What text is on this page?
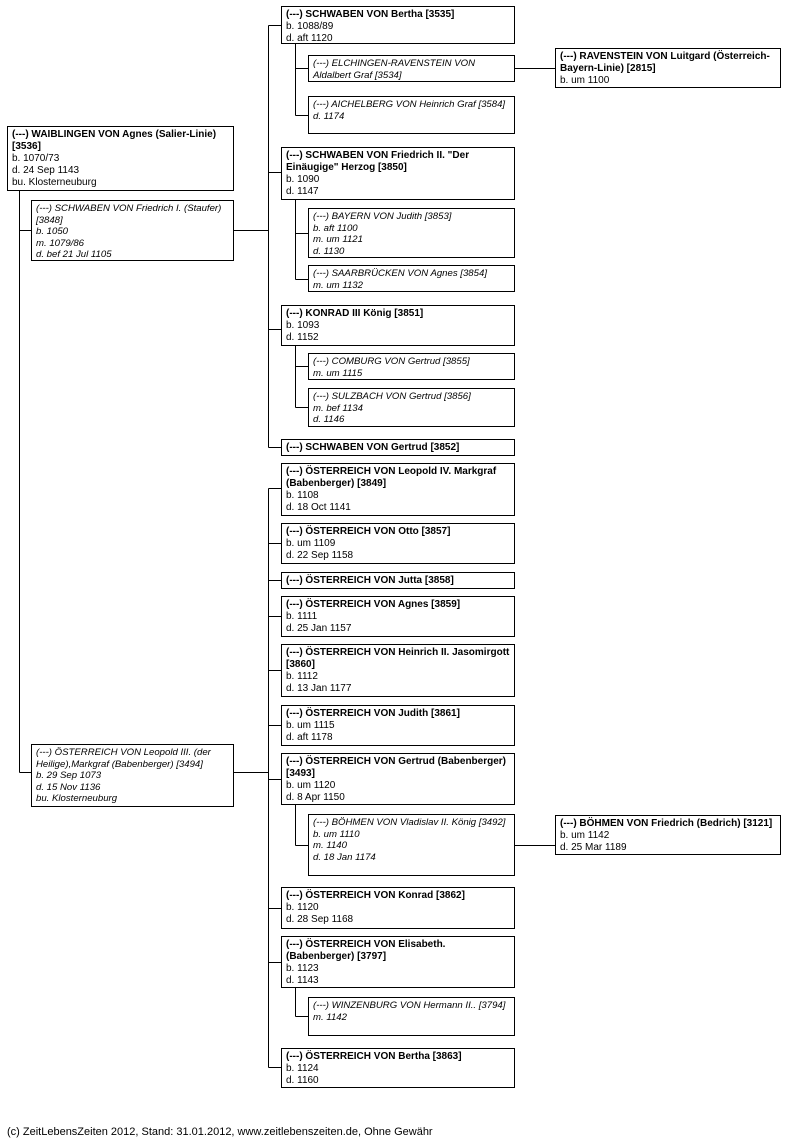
(---) WAIBLINGEN VON Agnes (Salier-Linie) [3536]
b. 1070/73
d. 24 Sep 1143
bu. Klosterneuburg
(---) SCHWABEN VON Friedrich I. (Staufer) [3848]
b. 1050
m. 1079/86
d. bef 21 Jul 1105
(---) ÖSTERREICH VON Leopold III. (der Heilige),Markgraf (Babenberger) [3494]
b. 29 Sep 1073
d. 15 Nov 1136
bu. Klosterneuburg
(---) SCHWABEN VON Bertha [3535]
b. 1088/89
d. aft 1120
(---) ELCHINGEN-RAVENSTEIN VON Aldalbert Graf [3534]
(---) RAVENSTEIN VON Luitgard (Österreich-Bayern-Linie) [2815]
b. um 1100
(---) AICHELBERG VON Heinrich Graf [3584]
d. 1174
(---) SCHWABEN VON Friedrich II. "Der Einäugige" Herzog [3850]
b. 1090
d. 1147
(---) BAYERN VON Judith [3853]
b. aft 1100
m. um 1121
d. 1130
(---) SAARBRÜCKEN VON Agnes [3854]
m. um 1132
(---) KONRAD III König [3851]
b. 1093
d. 1152
(---) COMBURG VON Gertrud [3855]
m. um 1115
(---) SULZBACH VON Gertrud [3856]
m. bef 1134
d. 1146
(---) SCHWABEN VON Gertrud [3852]
(---) ÖSTERREICH VON Leopold IV. Markgraf (Babenberger) [3849]
b. 1108
d. 18 Oct 1141
(---) ÖSTERREICH VON Otto [3857]
b. um 1109
d. 22 Sep 1158
(---) ÖSTERREICH VON Jutta [3858]
(---) ÖSTERREICH VON Agnes [3859]
b. 1111
d. 25 Jan 1157
(---) ÖSTERREICH VON Heinrich II. Jasomirgott [3860]
b. 1112
d. 13 Jan 1177
(---) ÖSTERREICH VON Judith [3861]
b. um 1115
d. aft 1178
(---) ÖSTERREICH VON Gertrud (Babenberger) [3493]
b. um 1120
d. 8 Apr 1150
(---) BÖHMEN VON Vladislav II. König [3492]
b. um 1110
m. 1140
d. 18 Jan 1174
(---) BÖHMEN VON Friedrich (Bedrich) [3121]
b. um 1142
d. 25 Mar 1189
(---) ÖSTERREICH VON Konrad [3862]
b. 1120
d. 28 Sep 1168
(---) ÖSTERREICH VON Elisabeth. (Babenberger) [3797]
b. 1123
d. 1143
(---) WINZENBURG VON Hermann II.. [3794]
m. 1142
(---) ÖSTERREICH VON Bertha [3863]
b. 1124
d. 1160
(c) ZeitLebensZeiten 2012, Stand: 31.01.2012, www.zeitlebenszeiten.de, Ohne Gewähr
